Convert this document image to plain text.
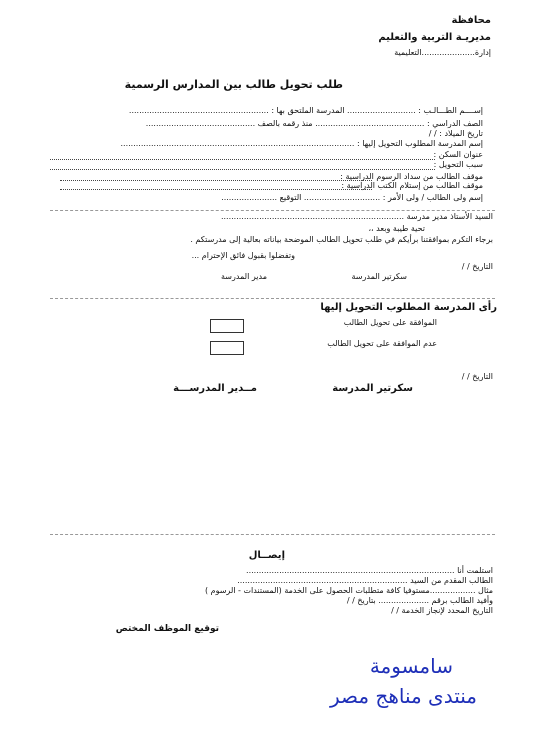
محافظة
مديريـة التربية والتعليم
إدارة.....................التعليمية
طلب تحويل طالب بين المدارس الرسمية
إســــم الطـــالـب : ........................... المدرسة الملتحق بها : .......................................................
الصف الدراسي : ........................................... منذ رقمه بالصف ...........................................
تاريخ الميلاد : / /
إسم المدرسة المطلوب التحويل إليها : ............................................................................................
عنوان السكن :
سبب التحويل :
موقف الطالب من سداد الرسوم الدراسية :
موقف الطالب من إستلام الكتب الدراسية :
إسم ولى الطالب / ولى الأمر : .............................. التوقيع ......................
السيد الأستاذ مدير مدرسة ........................................................................
تحية طيبة وبعد ،،
برجاء التكرم بموافقتنا برأيكم في طلب تحويل الطالب الموضحة بياناته بعالية إلى مدرستكم .
وتفضلوا بقبول فائق الإحترام ...
التاريخ / /
سكرتير المدرسة
مدير المدرسة
رأى المدرسة المطلوب التحويل إليها
الموافقة على تحويل الطالب
عدم الموافقة على تحويل الطالب
التاريخ / /
سكرتير المدرسة
مــدير المدرســـة
إيصــال
استلمت أنا ..................................................................................
الطالب المقدم من السيد ...................................................................
مثال ..................مستوفيا كافة متطلبات الحصول على الخدمة (المستندات - الرسوم )
وأفيد الطالب برقم .................... بتاريخ / /
التاريخ المحدد لإنجاز الخدمة / /
توقيع الموظف المختص
سامسومة
منتدى مناهج مصر
